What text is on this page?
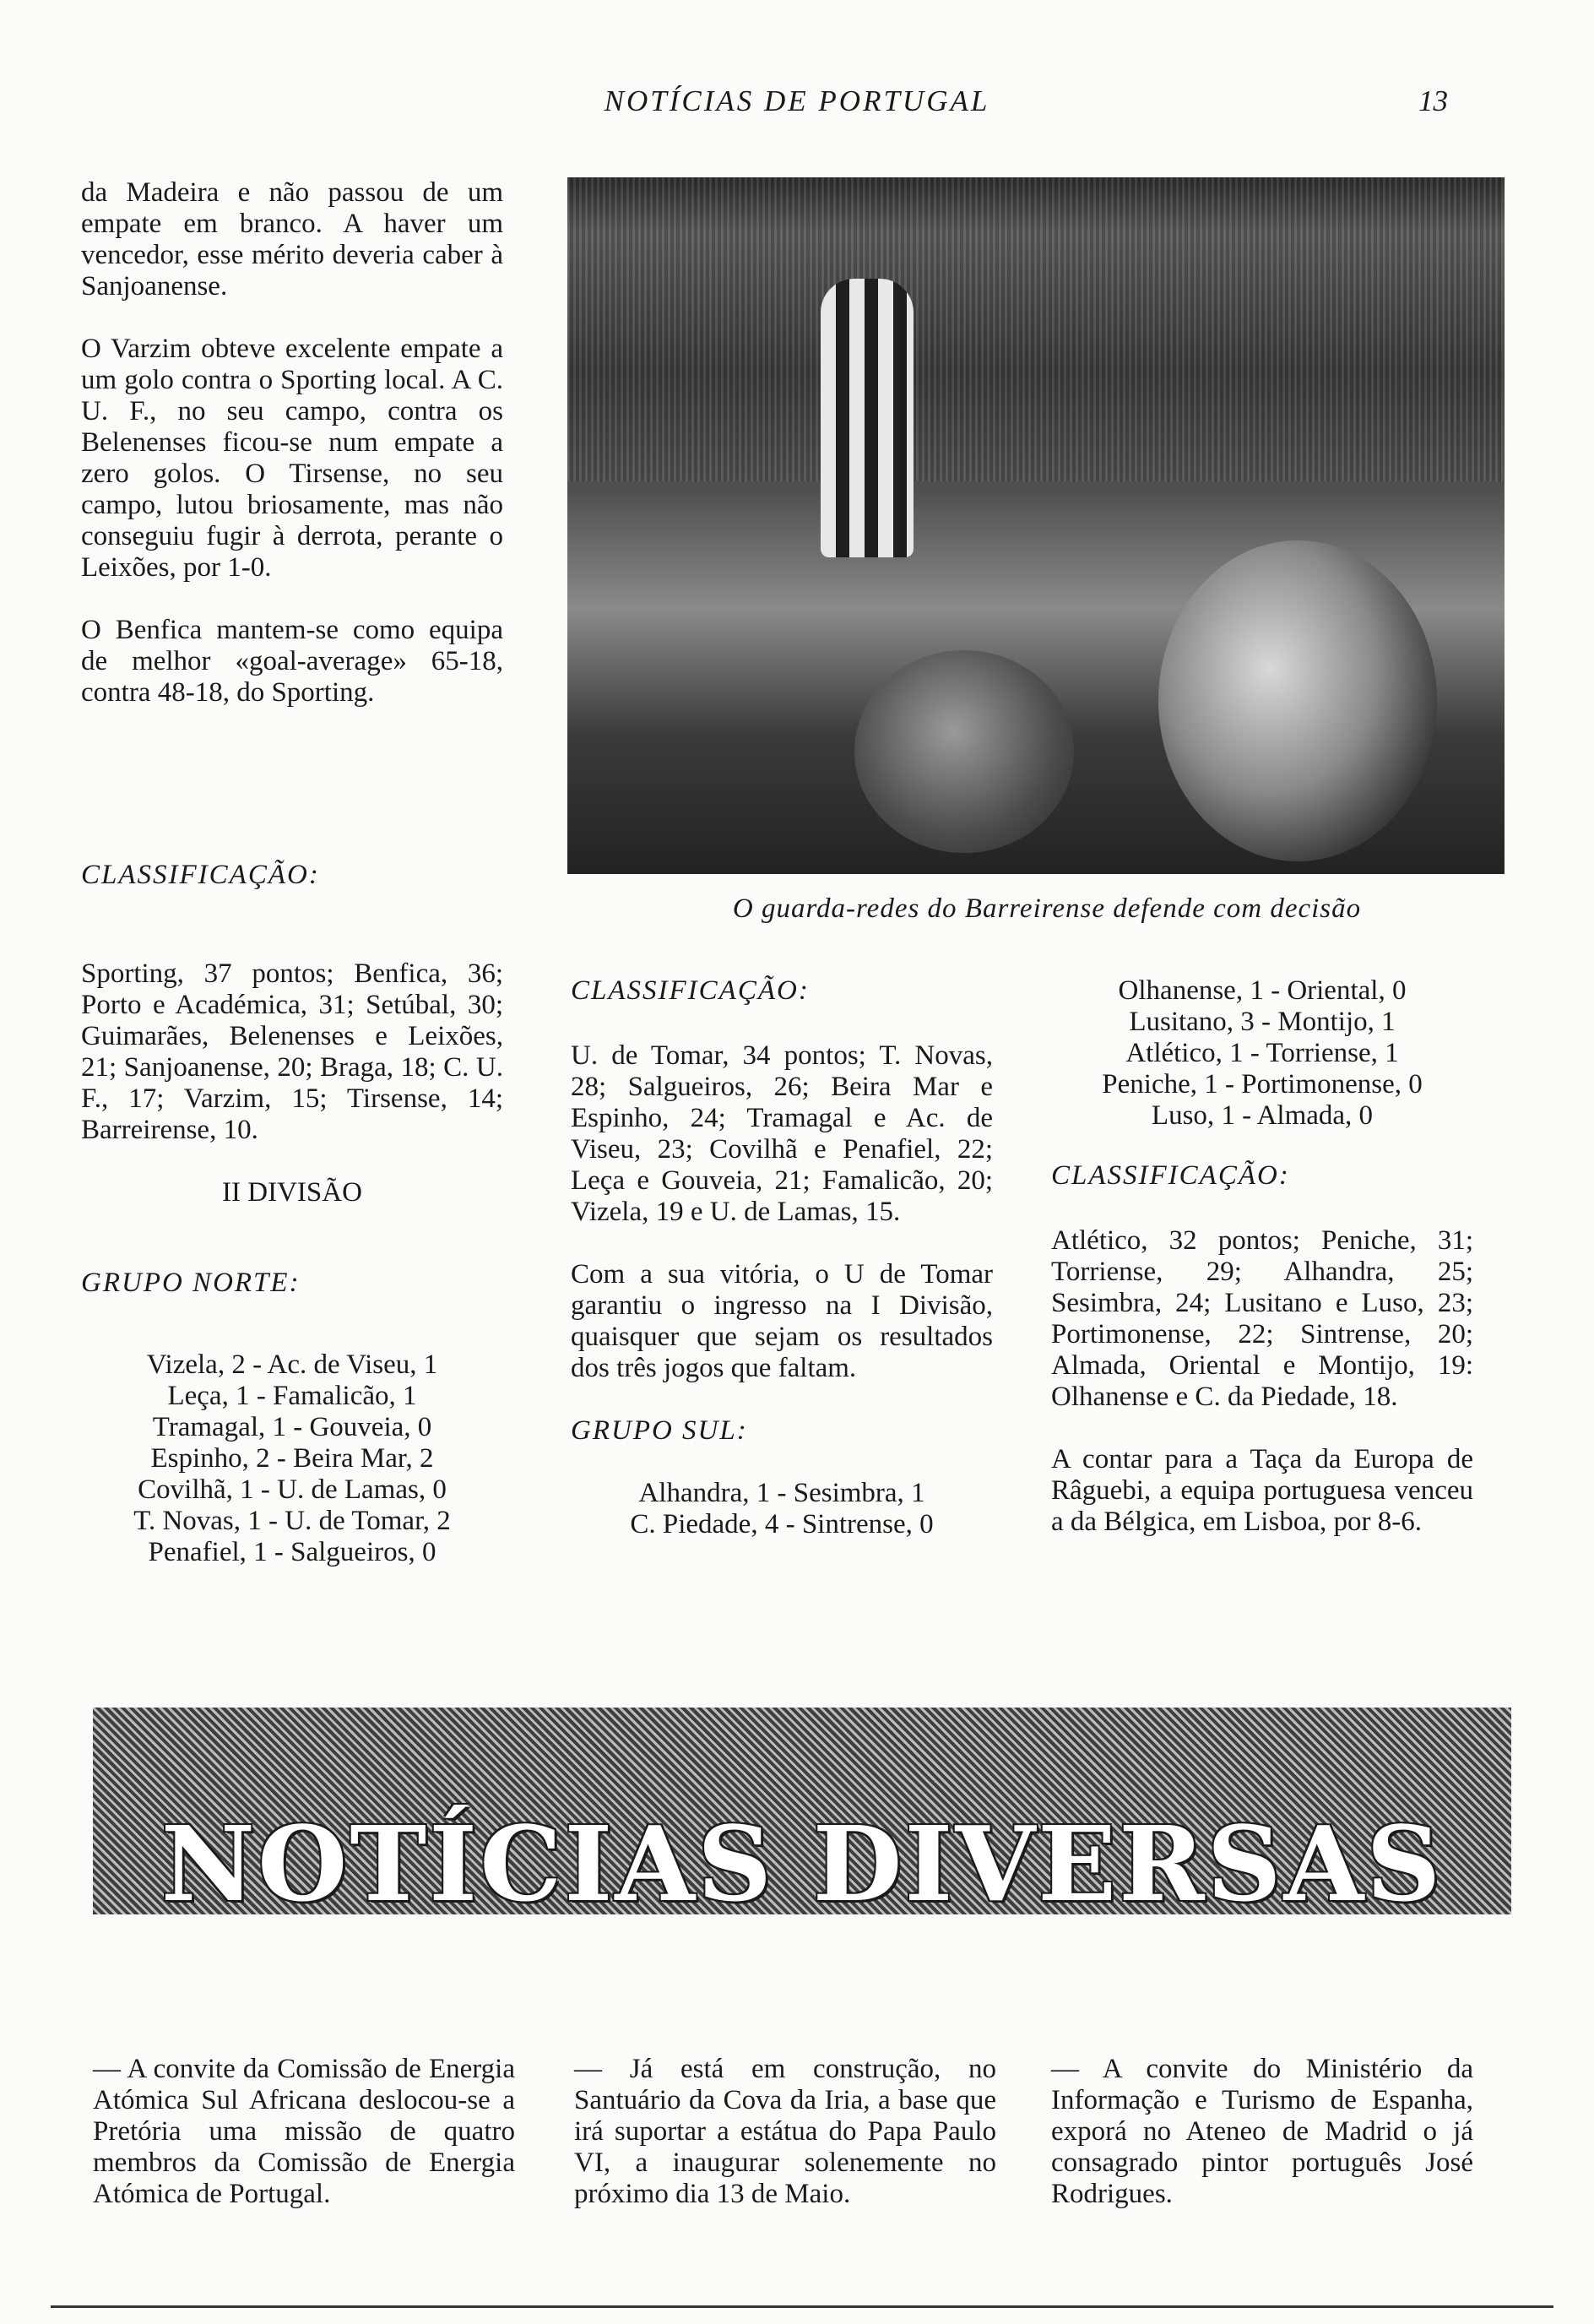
NOTÍCIAS DE PORTUGAL	13

da Madeira e não passou de um empate em branco. A haver um vencedor, esse mérito deveria caber à Sanjoanense.

O Varzim obteve excelente empate a um golo contra o Sporting local. A C. U. F., no seu campo, contra os Belenenses ficou-se num empate a zero golos. O Tirsense, no seu campo, lutou briosamente, mas não conseguiu fugir à derrota, perante o Leixões, por 1-0.

O Benfica mantem-se como equipa de melhor «goal-average» 65-18, contra 48-18, do Sporting.

CLASSIFICAÇÃO:

Sporting, 37 pontos; Benfica, 36; Porto e Académica, 31; Setúbal, 30; Guimarães, Belenenses e Leixões, 21; Sanjoanense, 20; Braga, 18; C. U. F., 17; Varzim, 15; Tirsense, 14; Barreirense, 10.

II DIVISÃO
GRUPO NORTE:
Vizela, 2 - Ac. de Viseu, 1
Leça, 1 - Famalicão, 1
Tramagal, 1 - Gouveia, 0
Espinho, 2 - Beira Mar, 2
Covilhã, 1 - U. de Lamas, 0
T. Novas, 1 - U. de Tomar, 2
Penafiel, 1 - Salgueiros, 0
O guarda-redes do Barreirense defende com decisão
CLASSIFICAÇÃO:

U. de Tomar, 34 pontos; T. Novas, 28; Salgueiros, 26; Beira Mar e Espinho, 24; Tramagal e Ac. de Viseu, 23; Covilhã e Penafiel, 22; Leça e Gouveia, 21; Famalicão, 20; Vizela, 19 e U. de Lamas, 15.

Com a sua vitória, o U de Tomar garantiu o ingresso na I Divisão, quaisquer que sejam os resultados dos três jogos que faltam.

GRUPO SUL:
Alhandra, 1 - Sesimbra, 1
C. Piedade, 4 - Sintrense, 0
Olhanense, 1 - Oriental, 0
Lusitano, 3 - Montijo, 1
Atlético, 1 - Torriense, 1
Peniche, 1 - Portimonense, 0
Luso, 1 - Almada, 0
CLASSIFICAÇÃO:

Atlético, 32 pontos; Peniche, 31; Torriense, 29; Alhandra, 25; Sesimbra, 24; Lusitano e Luso, 23; Portimonense, 22; Sintrense, 20; Almada, Oriental e Montijo, 19: Olhanense e C. da Piedade, 18.

A contar para a Taça da Europa de Râguebi, a equipa portuguesa venceu a da Bélgica, em Lisboa, por 8-6.

NOTÍCIAS DIVERSAS

— A convite da Comissão de Energia Atómica Sul Africana deslocou-se a Pretória uma missão de quatro membros da Comissão de Energia Atómica de Portugal.

— Já está em construção, no Santuário da Cova da Iria, a base que irá suportar a estátua do Papa Paulo VI, a inaugurar solenemente no próximo dia 13 de Maio.

— A convite do Ministério da Informação e Turismo de Espanha, exporá no Ateneo de Madrid o já consagrado pintor português José Rodrigues.
